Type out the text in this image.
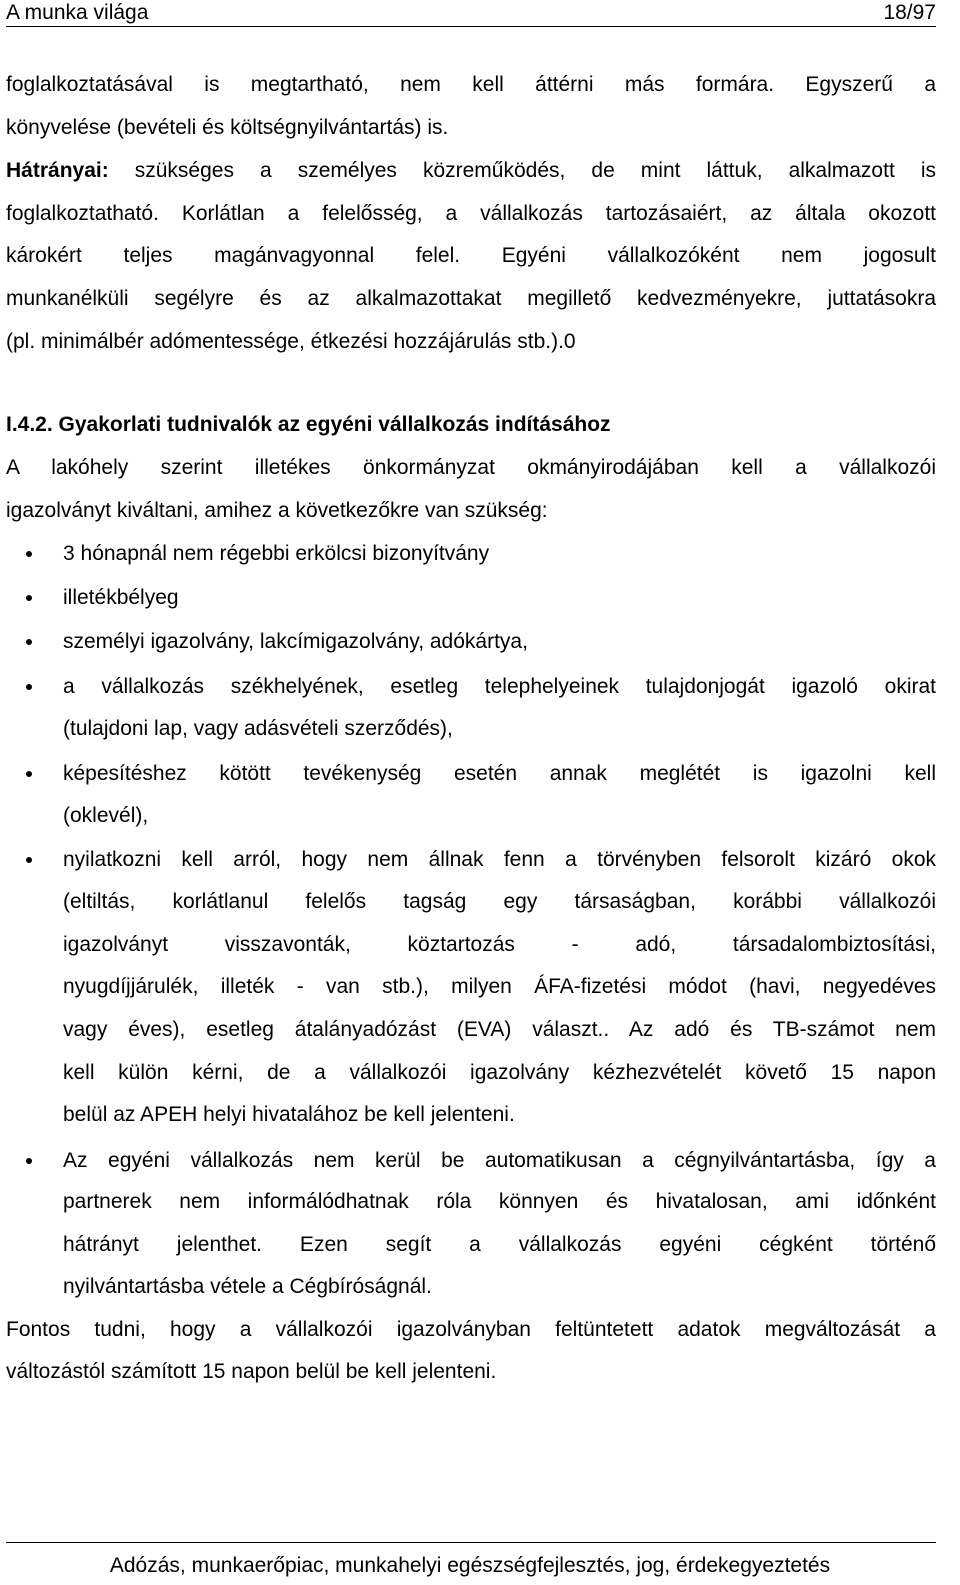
A munka világa	18/97
foglalkoztatásával is megtartható, nem kell áttérni más formára. Egyszerű a
könyvelése (bevételi és költségnyilvántartás) is.
Hátrányai: szükséges a személyes közreműködés, de mint láttuk, alkalmazott is
foglalkoztatható. Korlátlan a felelősség, a vállalkozás tartozásaiért, az általa okozott
károkért teljes magánvagyonnal felel. Egyéni vállalkozóként nem jogosult
munkanélküli segélyre és az alkalmazottakat megillető kedvezményekre, juttatásokra
(pl. minimálbér adómentessége, étkezési hozzájárulás stb.).0
I.4.2. Gyakorlati tudnivalók az egyéni vállalkozás indításához
A lakóhely szerint illetékes önkormányzat okmányirodájában kell a vállalkozói
igazolványt kiváltani, amihez a következőkre van szükség:
3 hónapnál nem régebbi erkölcsi bizonyítvány
illetékbélyeg
személyi igazolvány, lakcímigazolvány, adókártya,
a vállalkozás székhelyének, esetleg telephelyeinek tulajdonjogát igazoló okirat
(tulajdoni lap, vagy adásvételi szerződés),
képesítéshez kötött tevékenység esetén annak meglétét is igazolni kell
(oklevél),
nyilatkozni kell arról, hogy nem állnak fenn a törvényben felsorolt kizáró okok
(eltiltás, korlátlanul felelős tagság egy társaságban, korábbi vállalkozói
igazolványt visszavonták, köztartozás - adó, társadalombiztosítási,
nyugdíjjárulék, illeték - van stb.), milyen ÁFA-fizetési módot (havi, negyedéves
vagy éves), esetleg átalányadózást (EVA) választ.. Az adó és TB-számot nem
kell külön kérni, de a vállalkozói igazolvány kézhezvételét követő 15 napon
belül az APEH helyi hivatalához be kell jelenteni.
Az egyéni vállalkozás nem kerül be automatikusan a cégnyilvántartásba, így a
partnerek nem informálódhatnak róla könnyen és hivatalosan, ami időnként
hátrányt jelenthet. Ezen segít a vállalkozás egyéni cégként történő
nyilvántartásba vétele a Cégbíróságnál.
Fontos tudni, hogy a vállalkozói igazolványban feltüntetett adatok megváltozását a
változástól számított 15 napon belül be kell jelenteni.
Adózás, munkaerőpiac, munkahelyi egészségfejlesztés, jog, érdekegyeztetés
